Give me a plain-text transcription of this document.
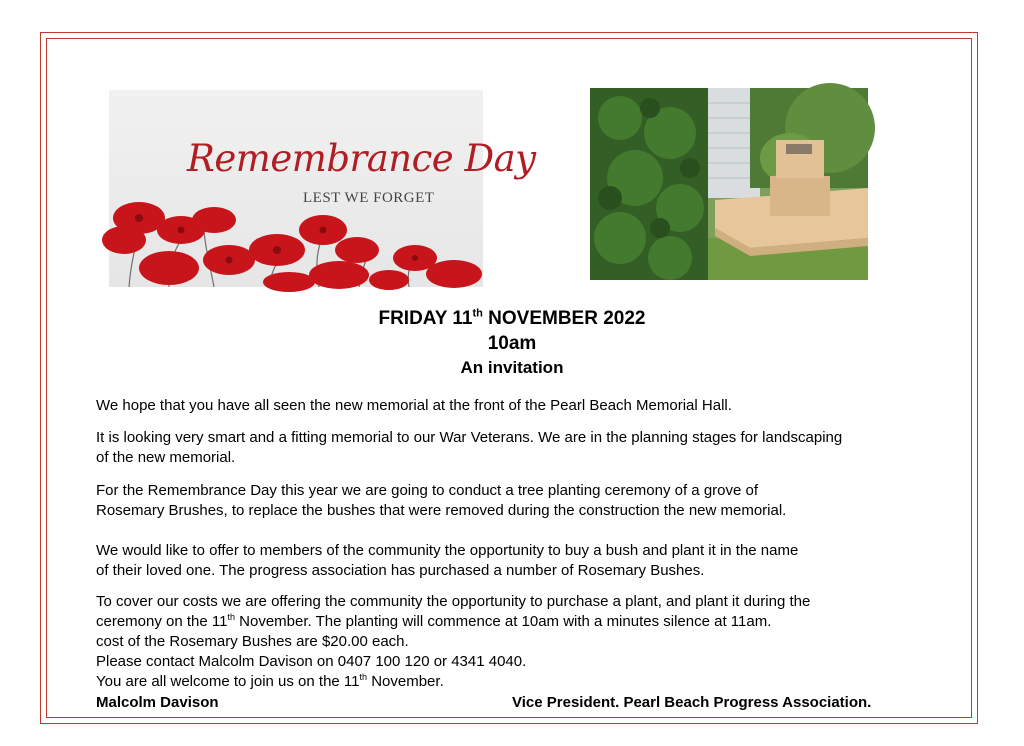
Remembrance Day
LEST WE FORGET
FRIDAY 11th NOVEMBER 2022
10am
An invitation
We hope that you have all seen the new memorial at the front of the Pearl Beach Memorial Hall.
It is looking very smart and a fitting memorial to our War Veterans. We are in the planning stages for landscaping
of the new memorial.
For the Remembrance Day this year we are going to conduct a tree planting ceremony of a grove of
Rosemary Brushes, to replace the bushes that were removed during the construction the new memorial.
We would like to offer to members of the community the opportunity to buy a bush and plant it in the name
of their loved one. The progress association has purchased a number of Rosemary Bushes.
To cover our costs we are offering the community the opportunity to purchase a plant, and plant it during the
ceremony on the 11th November. The planting will commence at 10am with a minutes silence at 11am.
cost of the Rosemary Bushes are $20.00 each.
Please contact Malcolm Davison on 0407 100 120 or 4341 4040.
You are all welcome to join us on the 11th November.
Malcolm Davison	Vice President. Pearl Beach Progress Association.
